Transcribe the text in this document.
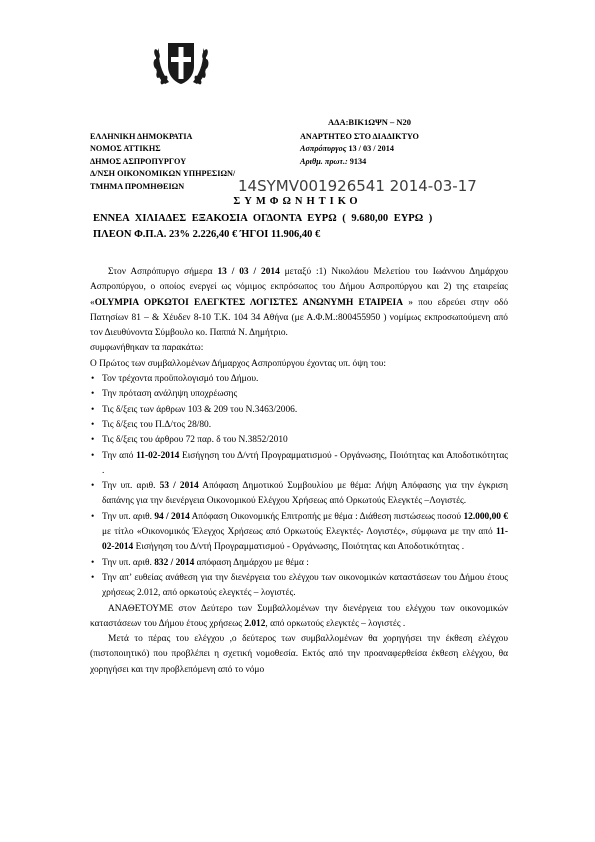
ΑΔΑ:ΒΙΚ1ΩΨΝ – Ν20
ΕΛΛΗΝΙΚΗ ΔΗΜΟΚΡΑΤΙΑ
ΝΟΜΟΣ ΑΤΤΙΚΗΣ
ΔΗΜΟΣ ΑΣΠΡΟΠΥΡΓΟΥ
Δ/ΝΣΗ ΟΙΚΟΝΟΜΙΚΩΝ ΥΠΗΡΕΣΙΩΝ/
ΤΜΗΜΑ ΠΡΟΜΗΘΕΙΩΝ
ΑΝΑΡΤΗΤΕΟ ΣΤΟ ΔΙΑΔΙΚΤΥΟ
Ασπρόπυργος 13 / 03 / 2014
Αριθμ. πρωτ.: 9134
14SYMV001926541 2014-03-17
ΣΥΜΦΩΝΗΤΙΚΟ
ΕΝΝΕΑ ΧΙΛΙΑΔΕΣ ΕΞΑΚΟΣΙΑ ΟΓΔΟΝΤΑ ΕΥΡΩ ( 9.680,00 ΕΥΡΩ )
ΠΛΕΟΝ Φ.Π.Α. 23% 2.226,40 € ΉΓΟΙ 11.906,40 €

Στον Ασπρόπυργο σήμερα 13 / 03 / 2014 μεταξύ :1) Νικολάου Μελετίου του Ιωάννου Δημάρχου Ασπροπύργου, ο οποίος ενεργεί ως νόμιμος εκπρόσωπος του Δήμου Ασπροπύργου και 2) της εταιρείας «OLYMPIA ΟΡΚΩΤΟΙ ΕΛΕΓΚΤΕΣ ΛΟΓΙΣΤΕΣ ΑΝΩΝΥΜΗ ΕΤΑΙΡΕΙΑ » που εδρεύει στην οδό Πατησίων 81 – & Χέυδεν 8-10 Τ.Κ. 104 34 Αθήνα (με Α.Φ.Μ.:800455950 ) νομίμως εκπροσωπούμενη από τον Διευθύνοντα Σύμβουλο κο. Παππά Ν. Δημήτριο.

συμφωνήθηκαν τα παρακάτω:

Ο Πρώτος των συμβαλλομένων Δήμαρχος Ασπροπύργου έχοντας υπ. όψη του:

• Τον τρέχοντα προϋπολογισμό του Δήμου.
• Την πρόταση ανάληψη υποχρέωσης
• Τις δ/ξεις των άρθρων 103 & 209 του Ν.3463/2006.
• Τις δ/ξεις του Π.Δ/τος 28/80.
• Τις δ/ξεις του άρθρου 72 παρ. δ του Ν.3852/2010
• Την από 11-02-2014 Εισήγηση του Δ/ντή Προγραμματισμού - Οργάνωσης, Ποιότητας και Αποδοτικότητας .
• Την υπ. αριθ. 53 / 2014 Απόφαση Δημοτικού Συμβουλίου με θέμα: Λήψη Απόφασης για την έγκριση δαπάνης για την διενέργεια Οικονομικού Ελέγχου Χρήσεως από Ορκωτούς Ελεγκτές –Λογιστές.
• Την υπ. αριθ. 94 / 2014 Απόφαση Οικονομικής Επιτροπής με θέμα : Διάθεση πιστώσεως ποσού 12.000,00 € με τίτλο «Οικονομικός Έλεγχος Χρήσεως από Ορκωτούς Ελεγκτές- Λογιστές», σύμφωνα με την από 11-02-2014 Εισήγηση του Δ/ντή Προγραμματισμού - Οργάνωσης, Ποιότητας και Αποδοτικότητας .
• Την υπ. αριθ. 832 / 2014 απόφαση Δημάρχου με θέμα :
• Την απ’ ευθείας ανάθεση για την διενέργεια του ελέγχου των οικονομικών καταστάσεων του Δήμου έτους χρήσεως 2.012, από ορκωτούς ελεγκτές – λογιστές.

ΑΝΑΘΕΤΟΥΜΕ στον Δεύτερο των Συμβαλλομένων την διενέργεια του ελέγχου των οικονομικών καταστάσεων του Δήμου έτους χρήσεως 2.012, από ορκωτούς ελεγκτές – λογιστές .

Μετά το πέρας του ελέγχου ,ο δεύτερος των συμβαλλομένων θα χορηγήσει την έκθεση ελέγχου (πιστοποιητικό) που προβλέπει η σχετική νομοθεσία. Εκτός από την προαναφερθείσα έκθεση ελέγχου, θα χορηγήσει και την προβλεπόμενη από το νόμο
